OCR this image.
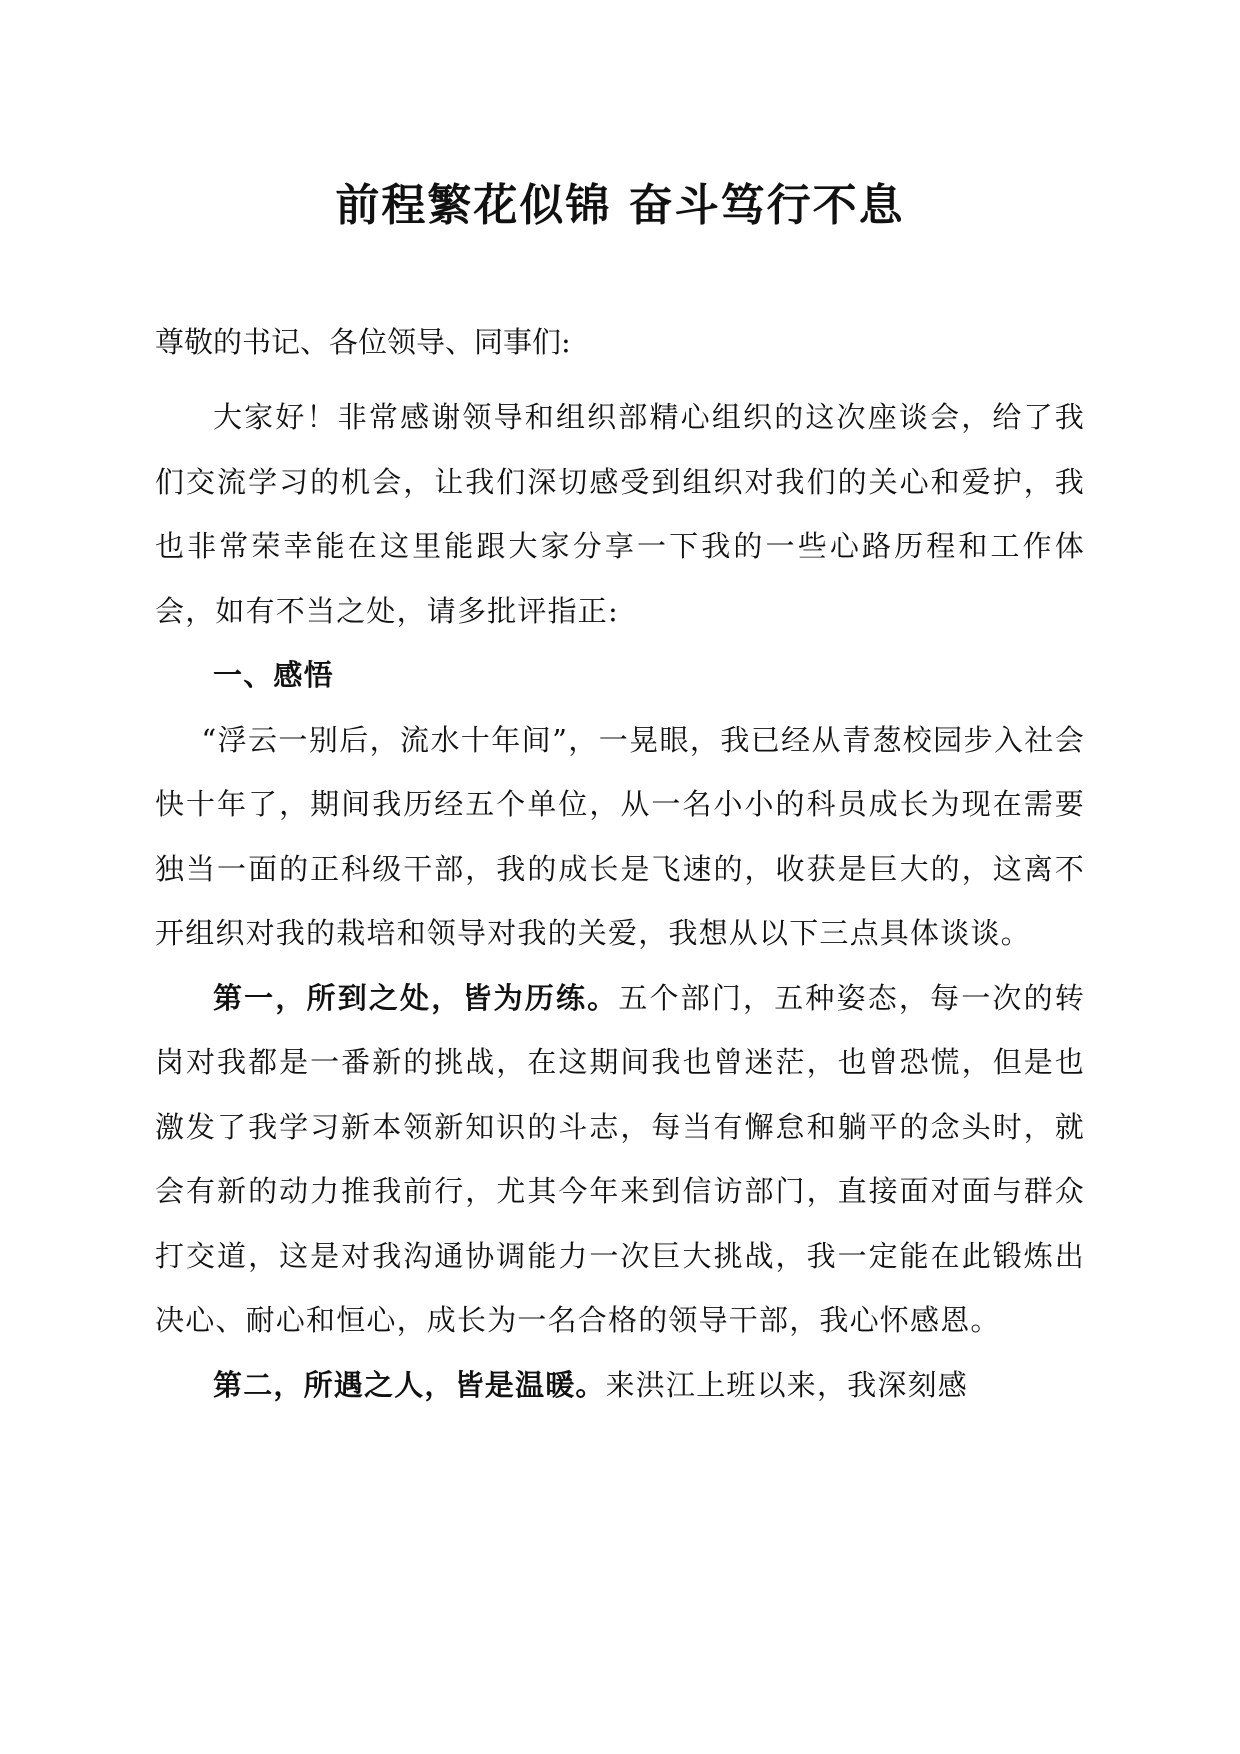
前程繁花似锦 奋斗笃行不息
尊敬的书记、各位领导、同事们:

大家好！非常感谢领导和组织部精心组织的这次座谈会，给了我们交流学习的机会，让我们深切感受到组织对我们的关心和爱护，我也非常荣幸能在这里能跟大家分享一下我的一些心路历程和工作体会，如有不当之处，请多批评指正:

一、感悟

“浮云一别后，流水十年间”，一晃眼，我已经从青葱校园步入社会快十年了，期间我历经五个单位，从一名小小的科员成长为现在需要独当一面的正科级干部，我的成长是飞速的，收获是巨大的，这离不开组织对我的栽培和领导对我的关爱，我想从以下三点具体谈谈。

第一，所到之处，皆为历练。五个部门，五种姿态，每一次的转岗对我都是一番新的挑战，在这期间我也曾迷茫，也曾恐慌，但是也激发了我学习新本领新知识的斗志，每当有懈怠和躺平的念头时，就会有新的动力推我前行，尤其今年来到信访部门，直接面对面与群众打交道，这是对我沟通协调能力一次巨大挑战，我一定能在此锻炼出决心、耐心和恒心，成长为一名合格的领导干部，我心怀感恩。

第二，所遇之人，皆是温暖。来洪江上班以来，我深刻感
